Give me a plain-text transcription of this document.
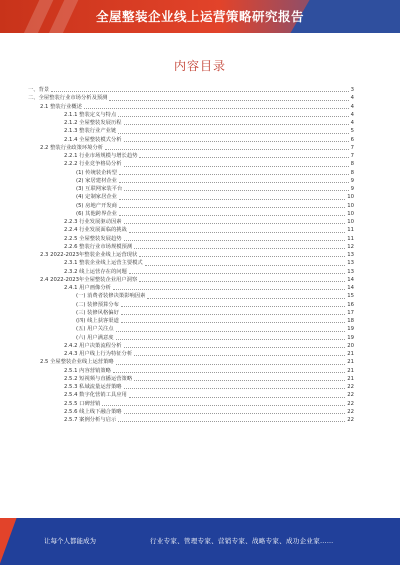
全屋整装企业线上运营策略研究报告
内容目录
一、背景	3
二、全屋整装行业市场分析及预测	4
2.1 整装行业概述	4
2.1.1 整装定义与特点	4
2.1.2 全屋整装发展历程	4
2.1.3 整装行业产业链	5
2.1.4 全屋整装模式分析	6
2.2 整装行业政策环境分析	7
2.2.1 行业市场规模与增长趋势	7
2.2.2 行业竞争格局分析	8
(1) 传统装企转型	8
(2) 家居建材企业	9
(3) 互联网家装平台	9
(4) 定制家居企业	10
(5) 房地产开发商	10
(6) 其他跨界企业	10
2.2.3 行业发展驱动因素	10
2.2.4 行业发展面临的挑战	11
2.2.5 全屋整装发展趋势	11
2.2.6 整装行业市场规模预测	12
2.3 2022-2023年整装企业线上运营现状	13
2.3.1 整装企业线上运营主要模式	13
2.3.2 线上运营存在的问题	13
2.4 2022-2023年全屋整装企业用户洞察	14
2.4.1 用户画像分析	14
(一) 消费者装修决策影响因素	15
(二) 装修预算分布	16
(三) 装修风格偏好	17
(四) 线上获客渠道	18
(五) 用户关注点	19
(六) 用户满意度	19
2.4.2 用户决策流程分析	20
2.4.3 用户线上行为特征分析	21
2.5 全屋整装企业线上运营策略	21
2.5.1 内容营销策略	21
2.5.2 短视频与直播运营策略	21
2.5.3 私域流量运营策略	22
2.5.4 数字化营销工具应用	22
2.5.5 口碑营销	22
2.5.6 线上线下融合策略	22
2.5.7 案例分析与启示	22
让每个人都能成为	行业专家、管理专家、营销专家、战略专家、成功企业家……
